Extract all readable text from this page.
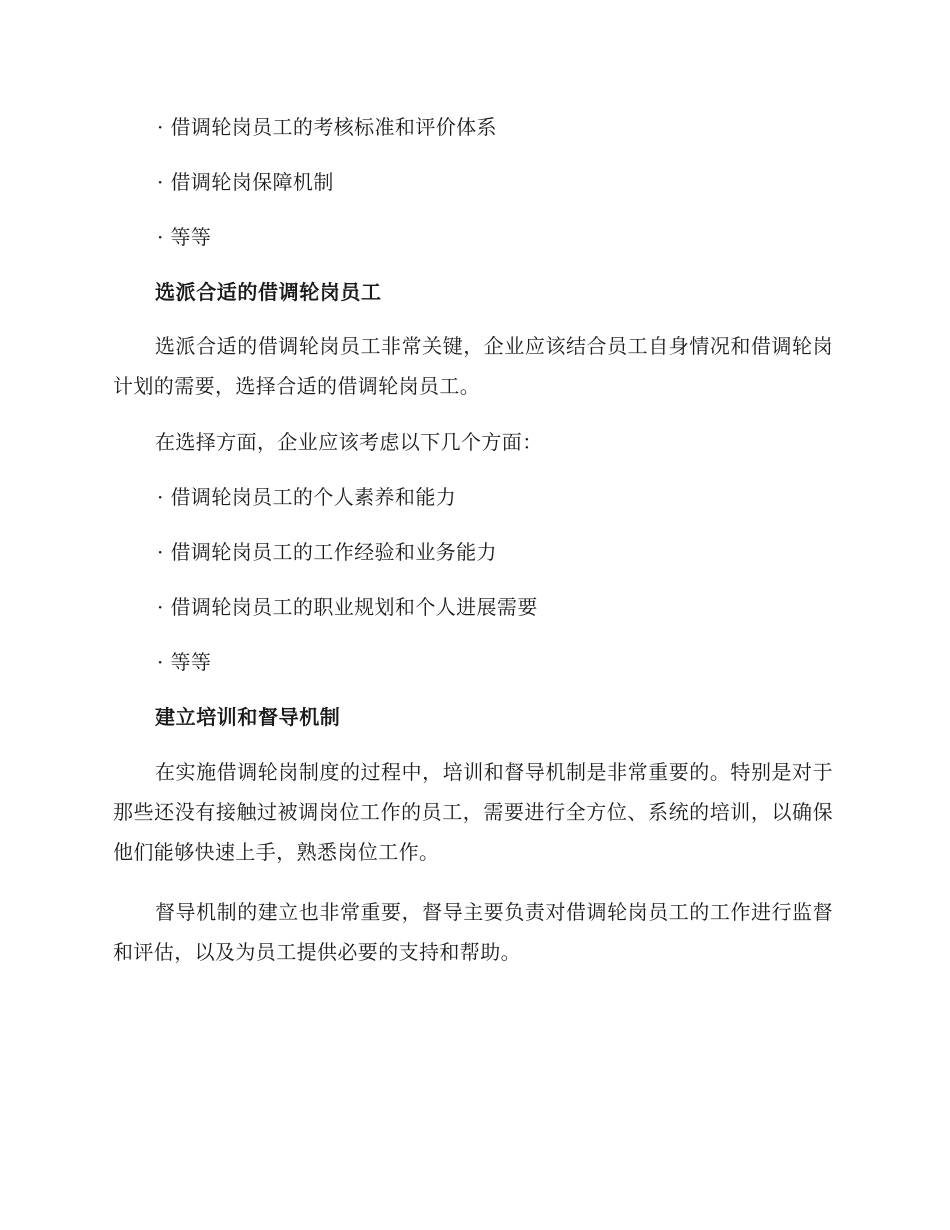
· 借调轮岗员工的考核标准和评价体系
· 借调轮岗保障机制
· 等等
选派合适的借调轮岗员工
选派合适的借调轮岗员工非常关键，企业应该结合员工自身情况和借调轮岗计划的需要，选择合适的借调轮岗员工。
在选择方面，企业应该考虑以下几个方面：
· 借调轮岗员工的个人素养和能力
· 借调轮岗员工的工作经验和业务能力
· 借调轮岗员工的职业规划和个人进展需要
· 等等
建立培训和督导机制
在实施借调轮岗制度的过程中，培训和督导机制是非常重要的。特别是对于那些还没有接触过被调岗位工作的员工，需要进行全方位、系统的培训，以确保他们能够快速上手，熟悉岗位工作。
督导机制的建立也非常重要，督导主要负责对借调轮岗员工的工作进行监督和评估，以及为员工提供必要的支持和帮助。
